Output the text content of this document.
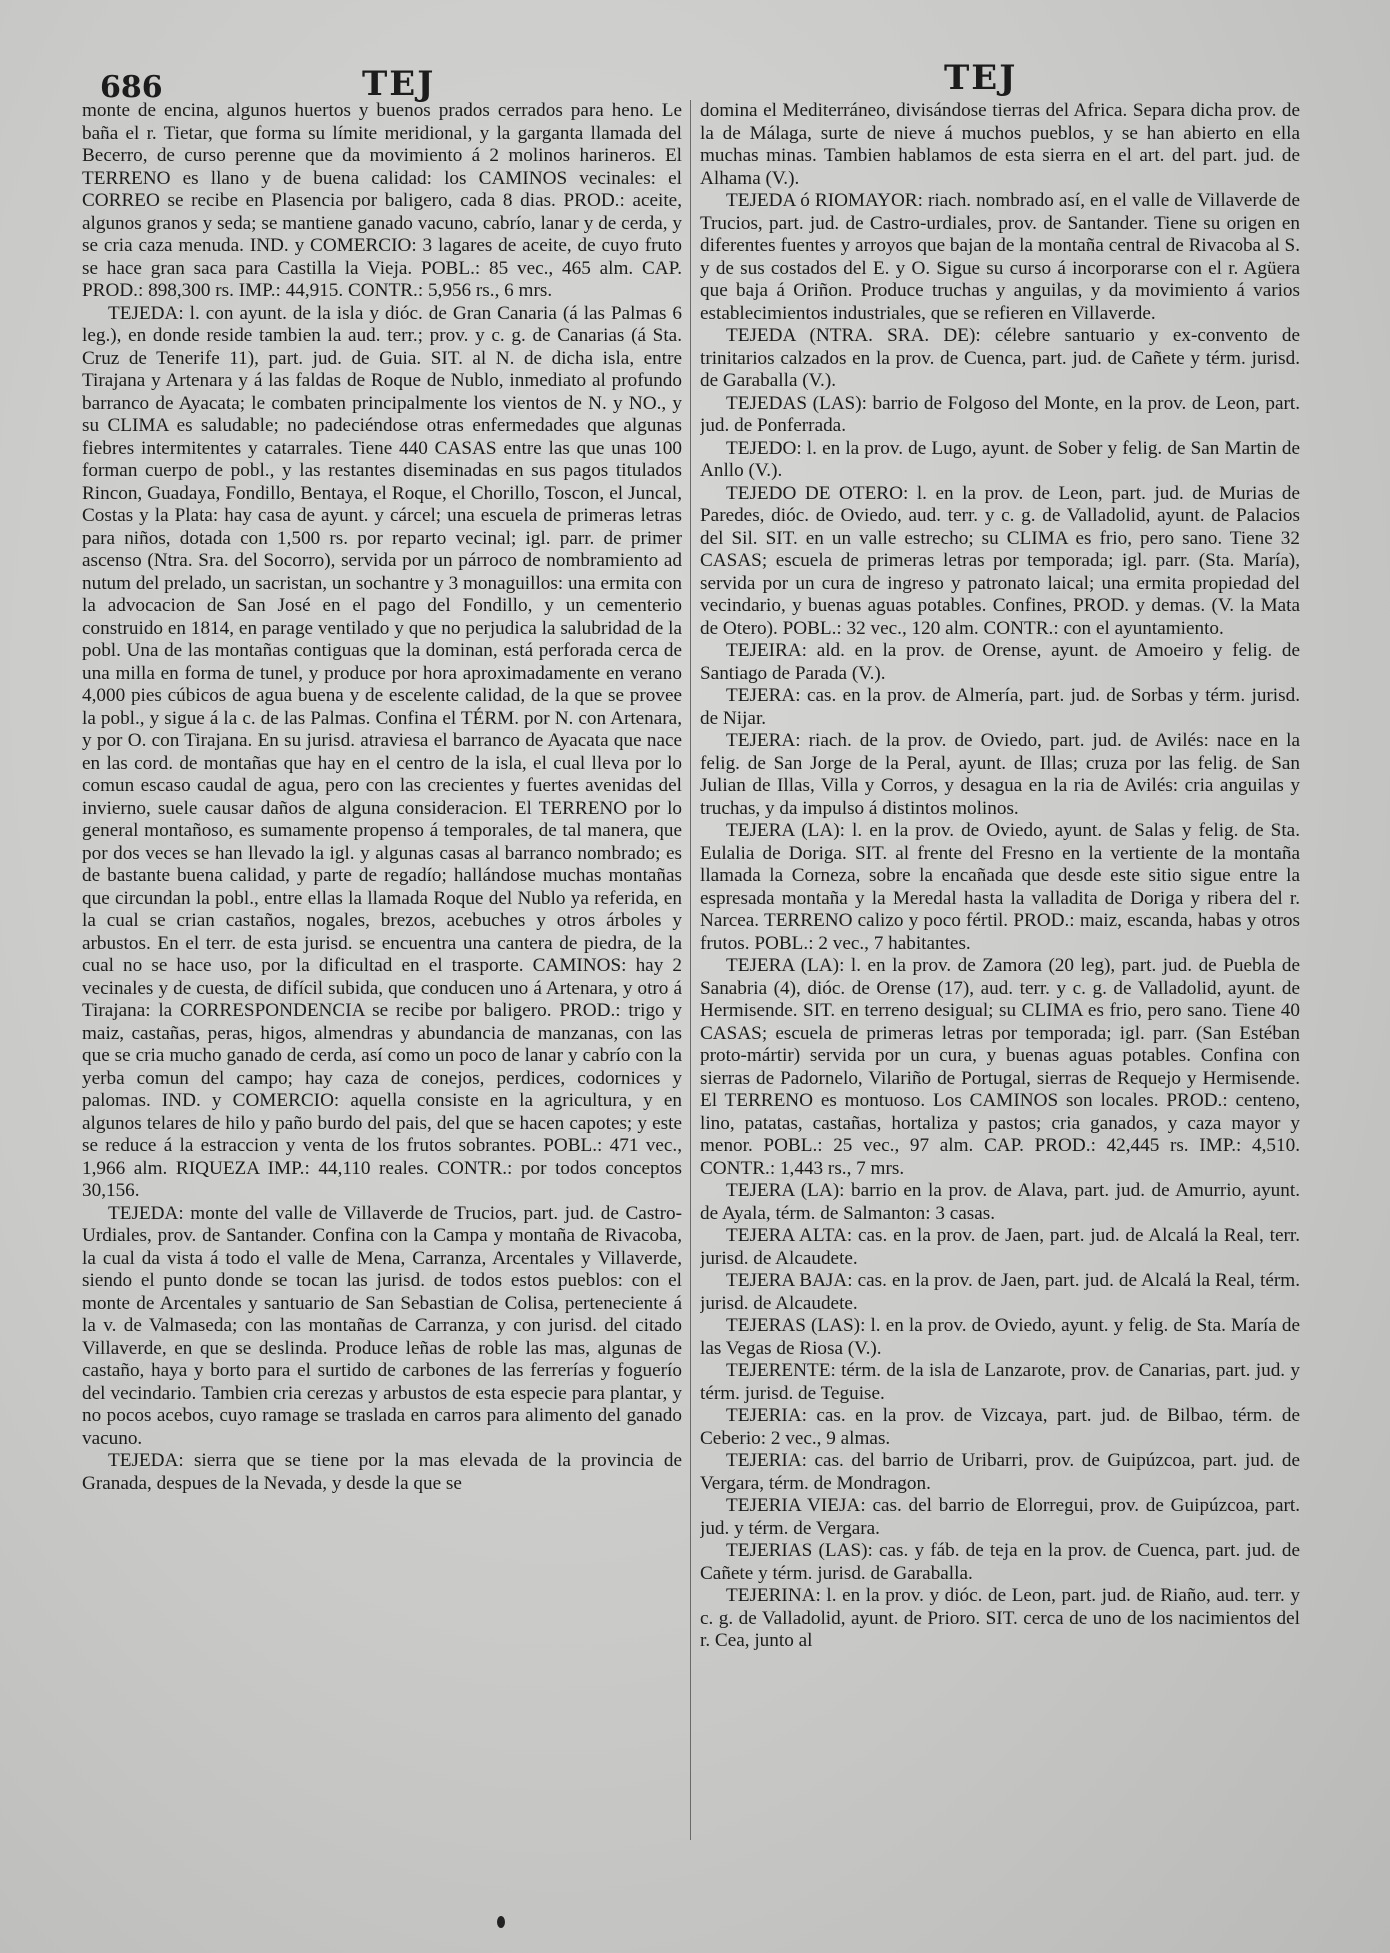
686	TEJ	TEJ

monte de encina, algunos huertos y buenos prados cerrados para heno. Le baña el r. Tietar, que forma su límite meridional, y la garganta llamada del Becerro, de curso perenne que da movimiento á 2 molinos harineros. El TERRENO es llano y de buena calidad: los CAMINOS vecinales: el CORREO se recibe en Plasencia por baligero, cada 8 dias. PROD.: aceite, algunos granos y seda; se mantiene ganado vacuno, cabrío, lanar y de cerda, y se cria caza menuda. IND. y COMERCIO: 3 lagares de aceite, de cuyo fruto se hace gran saca para Castilla la Vieja. POBL.: 85 vec., 465 alm. CAP. PROD.: 898,300 rs. IMP.: 44,915. CONTR.: 5,956 rs., 6 mrs.

TEJEDA: l. con ayunt. de la isla y dióc. de Gran Canaria (á las Palmas 6 leg.), en donde reside tambien la aud. terr.; prov. y c. g. de Canarias (á Sta. Cruz de Tenerife 11), part. jud. de Guia. SIT. al N. de dicha isla, entre Tirajana y Artenara y á las faldas de Roque de Nublo, inmediato al profundo barranco de Ayacata; le combaten principalmente los vientos de N. y NO., y su CLIMA es saludable; no padeciéndose otras enfermedades que algunas fiebres intermitentes y catarrales. Tiene 440 CASAS entre las que unas 100 forman cuerpo de pobl., y las restantes diseminadas en sus pagos titulados Rincon, Guadaya, Fondillo, Bentaya, el Roque, el Chorillo, Toscon, el Juncal, Costas y la Plata: hay casa de ayunt. y cárcel; una escuela de primeras letras para niños, dotada con 1,500 rs. por reparto vecinal; igl. parr. de primer ascenso (Ntra. Sra. del Socorro), servida por un párroco de nombramiento ad nutum del prelado, un sacristan, un sochantre y 3 monaguillos: una ermita con la advocacion de San José en el pago del Fondillo, y un cementerio construido en 1814, en parage ventilado y que no perjudica la salubridad de la pobl. Una de las montañas contiguas que la dominan, está perforada cerca de una milla en forma de tunel, y produce por hora aproximadamente en verano 4,000 pies cúbicos de agua buena y de escelente calidad, de la que se provee la pobl., y sigue á la c. de las Palmas. Confina el TÉRM. por N. con Artenara, y por O. con Tirajana. En su jurisd. atraviesa el barranco de Ayacata que nace en las cord. de montañas que hay en el centro de la isla, el cual lleva por lo comun escaso caudal de agua, pero con las crecientes y fuertes avenidas del invierno, suele causar daños de alguna consideracion. El TERRENO por lo general montañoso, es sumamente propenso á temporales, de tal manera, que por dos veces se han llevado la igl. y algunas casas al barranco nombrado; es de bastante buena calidad, y parte de regadío; hallándose muchas montañas que circundan la pobl., entre ellas la llamada Roque del Nublo ya referida, en la cual se crian castaños, nogales, brezos, acebuches y otros árboles y arbustos. En el terr. de esta jurisd. se encuentra una cantera de piedra, de la cual no se hace uso, por la dificultad en el trasporte. CAMINOS: hay 2 vecinales y de cuesta, de difícil subida, que conducen uno á Artenara, y otro á Tirajana: la CORRESPONDENCIA se recibe por baligero. PROD.: trigo y maiz, castañas, peras, higos, almendras y abundancia de manzanas, con las que se cria mucho ganado de cerda, así como un poco de lanar y cabrío con la yerba comun del campo; hay caza de conejos, perdices, codornices y palomas. IND. y COMERCIO: aquella consiste en la agricultura, y en algunos telares de hilo y paño burdo del pais, del que se hacen capotes; y este se reduce á la estraccion y venta de los frutos sobrantes. POBL.: 471 vec., 1,966 alm. RIQUEZA IMP.: 44,110 reales. CONTR.: por todos conceptos 30,156.

TEJEDA: monte del valle de Villaverde de Trucios, part. jud. de Castro-Urdiales, prov. de Santander. Confina con la Campa y montaña de Rivacoba, la cual da vista á todo el valle de Mena, Carranza, Arcentales y Villaverde, siendo el punto donde se tocan las jurisd. de todos estos pueblos: con el monte de Arcentales y santuario de San Sebastian de Colisa, perteneciente á la v. de Valmaseda; con las montañas de Carranza, y con jurisd. del citado Villaverde, en que se deslinda. Produce leñas de roble las mas, algunas de castaño, haya y borto para el surtido de carbones de las ferrerías y foguerío del vecindario. Tambien cria cerezas y arbustos de esta especie para plantar, y no pocos acebos, cuyo ramage se traslada en carros para alimento del ganado vacuno.

TEJEDA: sierra que se tiene por la mas elevada de la provincia de Granada, despues de la Nevada, y desde la que se

domina el Mediterráneo, divisándose tierras del Africa. Separa dicha prov. de la de Málaga, surte de nieve á muchos pueblos, y se han abierto en ella muchas minas. Tambien hablamos de esta sierra en el art. del part. jud. de Alhama (V.).

TEJEDA ó RIOMAYOR: riach. nombrado así, en el valle de Villaverde de Trucios, part. jud. de Castro-urdiales, prov. de Santander. Tiene su origen en diferentes fuentes y arroyos que bajan de la montaña central de Rivacoba al S. y de sus costados del E. y O. Sigue su curso á incorporarse con el r. Agüera que baja á Oriñon. Produce truchas y anguilas, y da movimiento á varios establecimientos industriales, que se refieren en Villaverde.

TEJEDA (NTRA. SRA. DE): célebre santuario y ex-convento de trinitarios calzados en la prov. de Cuenca, part. jud. de Cañete y térm. jurisd. de Garaballa (V.).

TEJEDAS (LAS): barrio de Folgoso del Monte, en la prov. de Leon, part. jud. de Ponferrada.

TEJEDO: l. en la prov. de Lugo, ayunt. de Sober y felig. de San Martin de Anllo (V.).

TEJEDO DE OTERO: l. en la prov. de Leon, part. jud. de Murias de Paredes, dióc. de Oviedo, aud. terr. y c. g. de Valladolid, ayunt. de Palacios del Sil. SIT. en un valle estrecho; su CLIMA es frio, pero sano. Tiene 32 CASAS; escuela de primeras letras por temporada; igl. parr. (Sta. María), servida por un cura de ingreso y patronato laical; una ermita propiedad del vecindario, y buenas aguas potables. Confines, PROD. y demas. (V. la Mata de Otero). POBL.: 32 vec., 120 alm. CONTR.: con el ayuntamiento.

TEJEIRA: ald. en la prov. de Orense, ayunt. de Amoeiro y felig. de Santiago de Parada (V.).

TEJERA: cas. en la prov. de Almería, part. jud. de Sorbas y térm. jurisd. de Nijar.

TEJERA: riach. de la prov. de Oviedo, part. jud. de Avilés: nace en la felig. de San Jorge de la Peral, ayunt. de Illas; cruza por las felig. de San Julian de Illas, Villa y Corros, y desagua en la ria de Avilés: cria anguilas y truchas, y da impulso á distintos molinos.

TEJERA (LA): l. en la prov. de Oviedo, ayunt. de Salas y felig. de Sta. Eulalia de Doriga. SIT. al frente del Fresno en la vertiente de la montaña llamada la Corneza, sobre la encañada que desde este sitio sigue entre la espresada montaña y la Meredal hasta la valladita de Doriga y ribera del r. Narcea. TERRENO calizo y poco fértil. PROD.: maiz, escanda, habas y otros frutos. POBL.: 2 vec., 7 habitantes.

TEJERA (LA): l. en la prov. de Zamora (20 leg), part. jud. de Puebla de Sanabria (4), dióc. de Orense (17), aud. terr. y c. g. de Valladolid, ayunt. de Hermisende. SIT. en terreno desigual; su CLIMA es frio, pero sano. Tiene 40 CASAS; escuela de primeras letras por temporada; igl. parr. (San Estéban proto-mártir) servida por un cura, y buenas aguas potables. Confina con sierras de Padornelo, Vilariño de Portugal, sierras de Requejo y Hermisende. El TERRENO es montuoso. Los CAMINOS son locales. PROD.: centeno, lino, patatas, castañas, hortaliza y pastos; cria ganados, y caza mayor y menor. POBL.: 25 vec., 97 alm. CAP. PROD.: 42,445 rs. IMP.: 4,510. CONTR.: 1,443 rs., 7 mrs.

TEJERA (LA): barrio en la prov. de Alava, part. jud. de Amurrio, ayunt. de Ayala, térm. de Salmanton: 3 casas.

TEJERA ALTA: cas. en la prov. de Jaen, part. jud. de Alcalá la Real, terr. jurisd. de Alcaudete.

TEJERA BAJA: cas. en la prov. de Jaen, part. jud. de Alcalá la Real, térm. jurisd. de Alcaudete.

TEJERAS (LAS): l. en la prov. de Oviedo, ayunt. y felig. de Sta. María de las Vegas de Riosa (V.).

TEJERENTE: térm. de la isla de Lanzarote, prov. de Canarias, part. jud. y térm. jurisd. de Teguise.

TEJERIA: cas. en la prov. de Vizcaya, part. jud. de Bilbao, térm. de Ceberio: 2 vec., 9 almas.

TEJERIA: cas. del barrio de Uribarri, prov. de Guipúzcoa, part. jud. de Vergara, térm. de Mondragon.

TEJERIA VIEJA: cas. del barrio de Elorregui, prov. de Guipúzcoa, part. jud. y térm. de Vergara.

TEJERIAS (LAS): cas. y fáb. de teja en la prov. de Cuenca, part. jud. de Cañete y térm. jurisd. de Garaballa.

TEJERINA: l. en la prov. y dióc. de Leon, part. jud. de Riaño, aud. terr. y c. g. de Valladolid, ayunt. de Prioro. SIT. cerca de uno de los nacimientos del r. Cea, junto al
